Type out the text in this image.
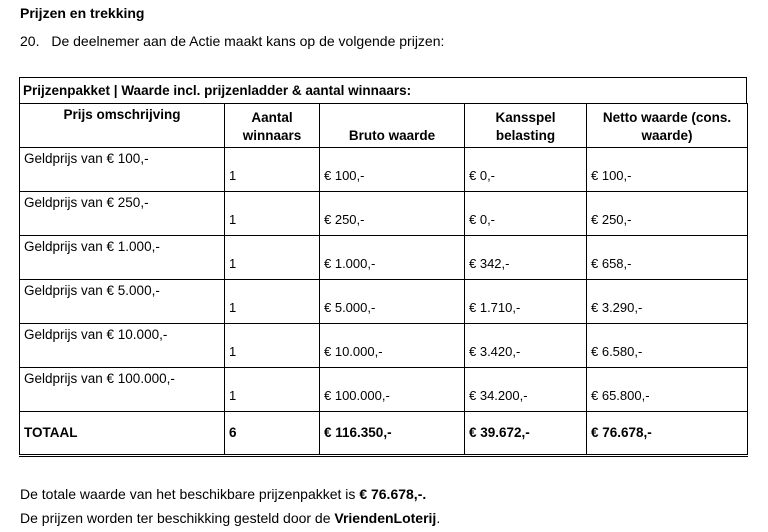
Prijzen en trekking
20. De deelnemer aan de Actie maakt kans op de volgende prijzen:
Prijzenpakket | Waarde incl. prijzenladder & aantal winnaars:
Prijs omschrijving	Aantal winnaars	Bruto waarde	Kansspel belasting	Netto waarde (cons. waarde)
Geldprijs van € 100,-	1	€ 100,-	€ 0,-	€ 100,-
Geldprijs van € 250,-	1	€ 250,-	€ 0,-	€ 250,-
Geldprijs van € 1.000,-	1	€ 1.000,-	€ 342,-	€ 658,-
Geldprijs van € 5.000,-	1	€ 5.000,-	€ 1.710,-	€ 3.290,-
Geldprijs van € 10.000,-	1	€ 10.000,-	€ 3.420,-	€ 6.580,-
Geldprijs van € 100.000,-	1	€ 100.000,-	€ 34.200,-	€ 65.800,-
TOTAAL	6	€ 116.350,-	€ 39.672,-	€ 76.678,-
De totale waarde van het beschikbare prijzenpakket is € 76.678,-.
De prijzen worden ter beschikking gesteld door de VriendenLoterij.
